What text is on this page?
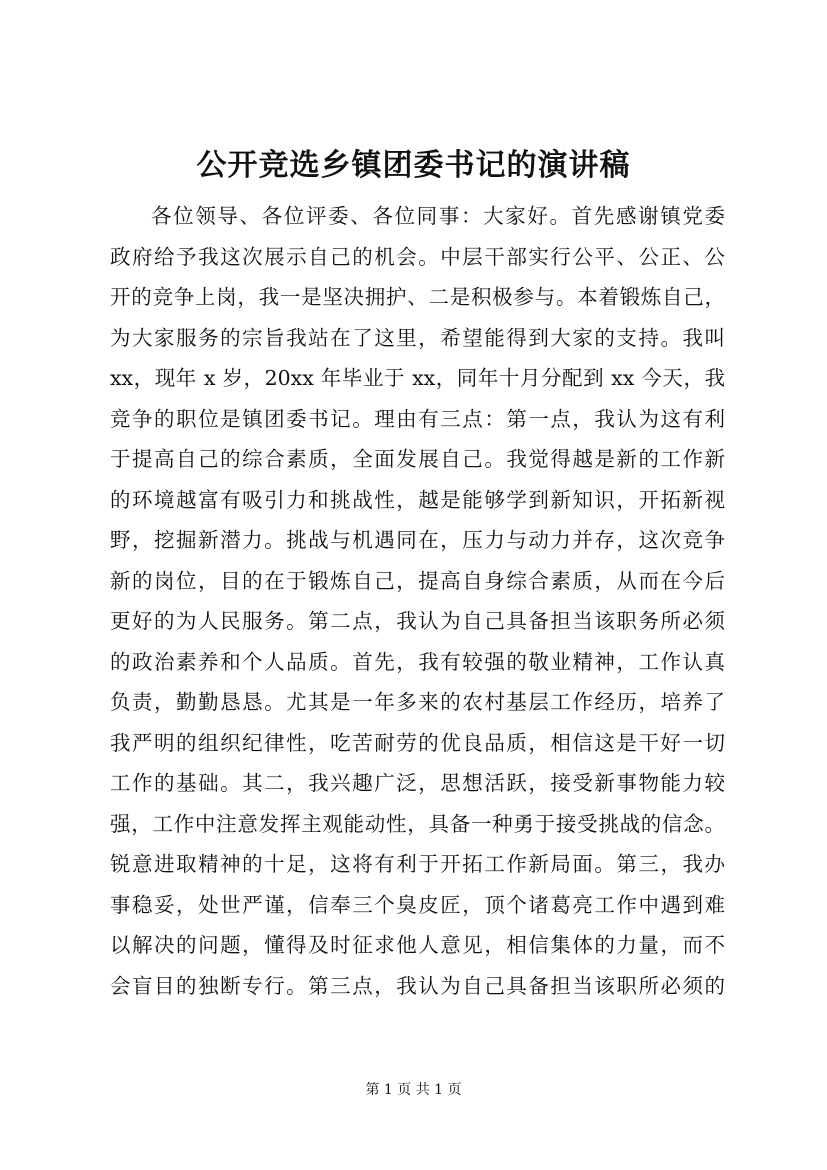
公开竞选乡镇团委书记的演讲稿
各位领导、各位评委、各位同事：大家好。首先感谢镇党委
政府给予我这次展示自己的机会。中层干部实行公平、公正、公
开的竞争上岗，我一是坚决拥护、二是积极参与。本着锻炼自己，
为大家服务的宗旨我站在了这里，希望能得到大家的支持。我叫
xx，现年 x 岁，20xx 年毕业于 xx，同年十月分配到 xx 今天，我
竞争的职位是镇团委书记。理由有三点：第一点，我认为这有利
于提高自己的综合素质，全面发展自己。我觉得越是新的工作新
的环境越富有吸引力和挑战性，越是能够学到新知识，开拓新视
野，挖掘新潜力。挑战与机遇同在，压力与动力并存，这次竞争
新的岗位，目的在于锻炼自己，提高自身综合素质，从而在今后
更好的为人民服务。第二点，我认为自己具备担当该职务所必须
的政治素养和个人品质。首先，我有较强的敬业精神，工作认真
负责，勤勤恳恳。尤其是一年多来的农村基层工作经历，培养了
我严明的组织纪律性，吃苦耐劳的优良品质，相信这是干好一切
工作的基础。其二，我兴趣广泛，思想活跃，接受新事物能力较
强，工作中注意发挥主观能动性，具备一种勇于接受挑战的信念。
锐意进取精神的十足，这将有利于开拓工作新局面。第三，我办
事稳妥，处世严谨，信奉三个臭皮匠，顶个诸葛亮工作中遇到难
以解决的问题，懂得及时征求他人意见，相信集体的力量，而不
会盲目的独断专行。第三点，我认为自己具备担当该职所必须的
第 1 页 共 1 页
